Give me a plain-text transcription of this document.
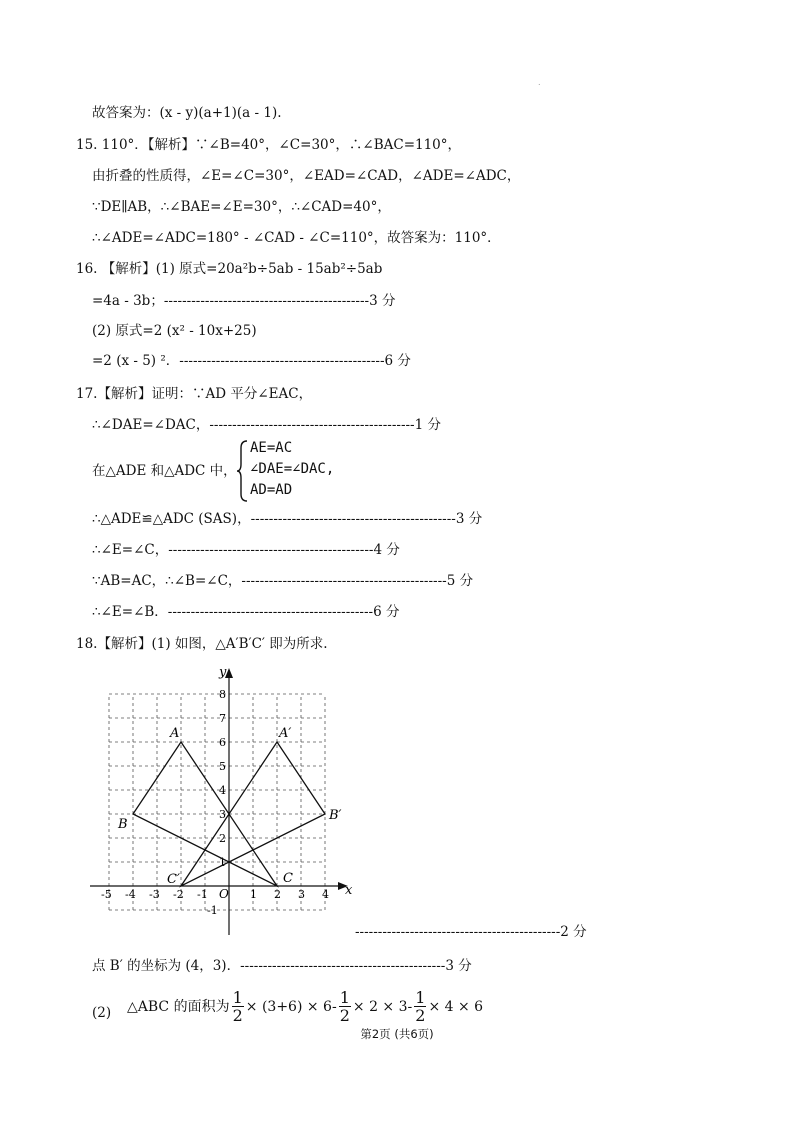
.
故答案为：(x - y)(a+1)(a - 1).
15. 110°．【解析】∵∠B=40°，∠C=30°，∴∠BAC=110°，
由折叠的性质得，∠E=∠C=30°，∠EAD=∠CAD，∠ADE=∠ADC，
∵DE∥AB，∴∠BAE=∠E=30°，∴∠CAD=40°，
∴∠ADE=∠ADC=180° - ∠CAD - ∠C=110°，故答案为：110°．
16. 【解析】(1) 原式=20a²b÷5ab - 15ab²÷5ab
=4a - 3b；---------------------------------------------3 分
(2) 原式=2 (x² - 10x+25)
=2 (x - 5) ²．---------------------------------------------6 分
17.【解析】证明：∵AD 平分∠EAC，
∴∠DAE=∠DAC，---------------------------------------------1 分
在△ADE 和△ADC 中，
AE=AC
∠DAE=∠DAC,
AD=AD
∴△ADE≌△ADC (SAS)，---------------------------------------------3 分
∴∠E=∠C，---------------------------------------------4 分
∵AB=AC，∴∠B=∠C，---------------------------------------------5 分
∴∠E=∠B．---------------------------------------------6 分
18.【解析】(1) 如图，△A′B′C′ 即为所求.
x
y
O
-5 -4 -3 -2 -1	1 2 3 4
1
2
3
4
5
6
7
8
-1
A
B
C
A′
B′
C′
---------------------------------------------2 分
点 B′ 的坐标为 (4，3)．---------------------------------------------3 分
(2) △ABC 的面积为 $\frac{1}{2} \times (3+6) \times 6- \frac{1}{2} \times 2 \times 3- \frac{1}{2} \times 4 \times 6$
第2页 (共6页)
